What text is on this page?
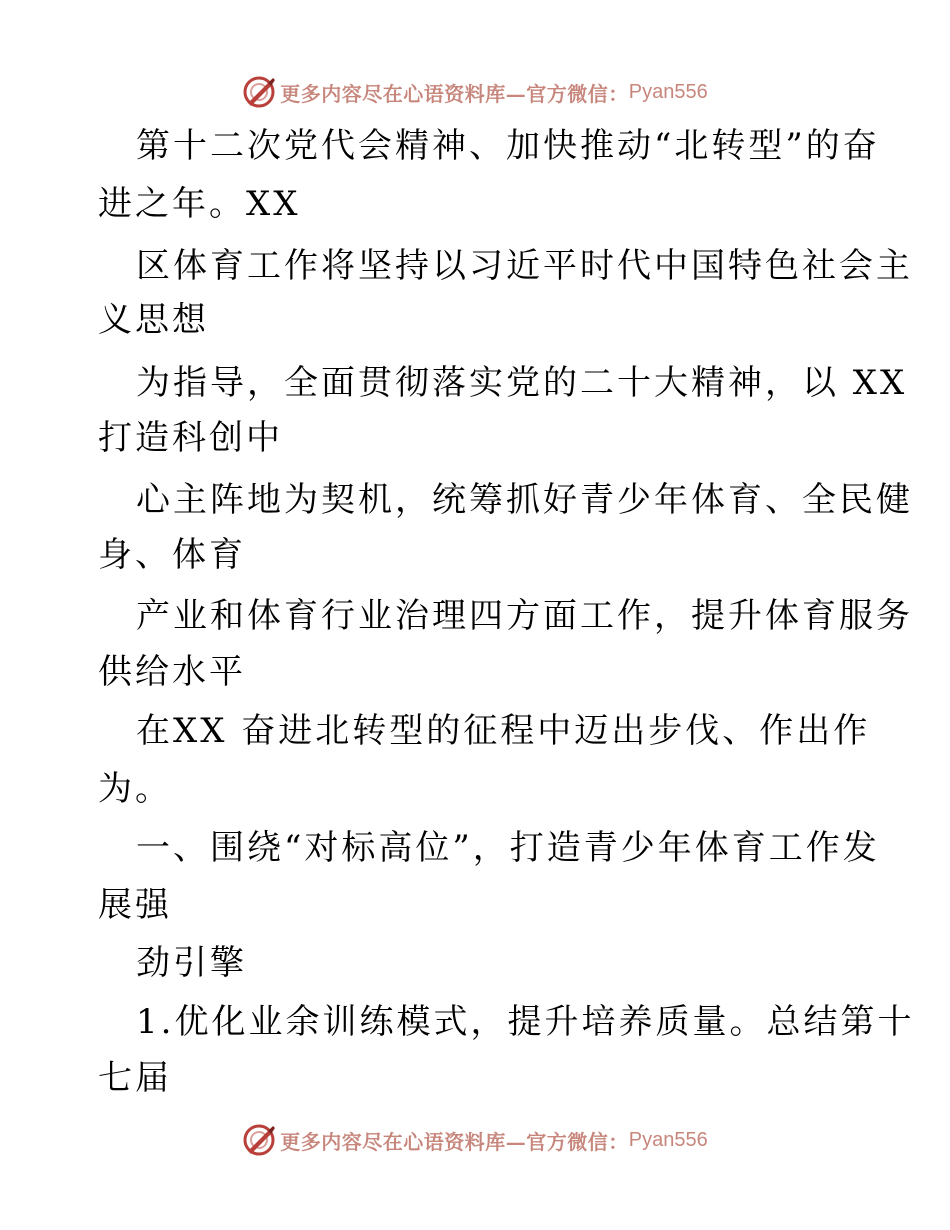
更多内容尽在心语资料库—官方微信： Pyan556
第十二次党代会精神、加快推动“北转型”的奋
进之年。XX
区体育工作将坚持以习近平时代中国特色社会主
义思想
为指导，全面贯彻落实党的二十大精神，以 XX
打造科创中
心主阵地为契机，统筹抓好青少年体育、全民健
身、体育
产业和体育行业治理四方面工作，提升体育服务
供给水平
在XX 奋进北转型的征程中迈出步伐、作出作
为。
一、围绕“对标高位”，打造青少年体育工作发
展强
劲引擎
1.优化业余训练模式，提升培养质量。总结第十
七届
更多内容尽在心语资料库—官方微信： Pyan556
